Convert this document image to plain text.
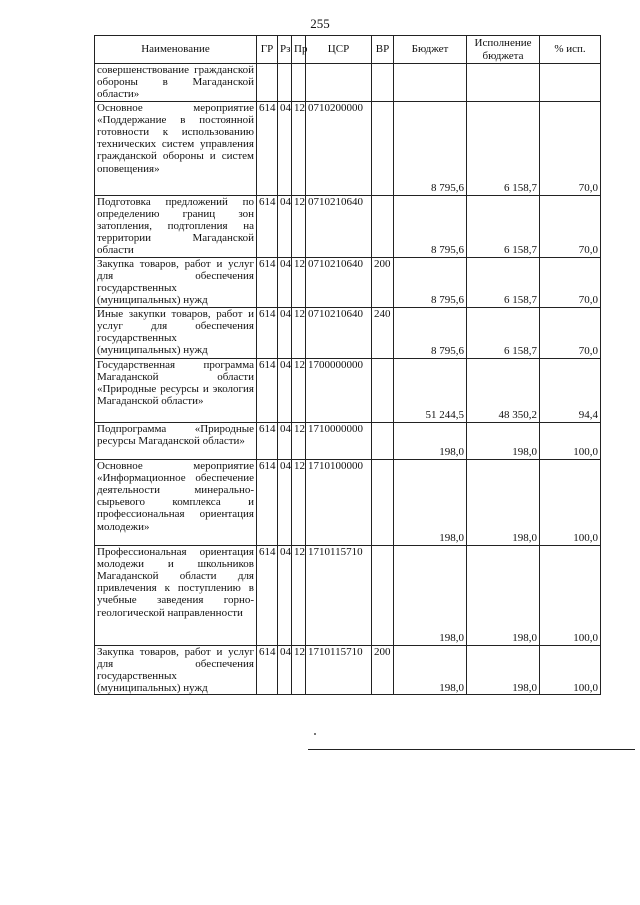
255
Наименование	ГР	Рз	Пр	ЦСР	ВР	Бюджет	Исполнение бюджета	% исп.
совершенствование гражданской обороны в Магаданской области»								
Основное мероприятие «Поддержание в постоянной готовности к использованию технических систем управления гражданской обороны и систем оповещения»	614	04	12	0710200000		8 795,6	6 158,7	70,0
Подготовка предложений по определению границ зон затопления, подтопления на территории Магаданской области	614	04	12	0710210640		8 795,6	6 158,7	70,0
Закупка товаров, работ и услуг для обеспечения государственных (муниципальных) нужд	614	04	12	0710210640	200	8 795,6	6 158,7	70,0
Иные закупки товаров, работ и услуг для обеспечения государственных (муниципальных) нужд	614	04	12	0710210640	240	8 795,6	6 158,7	70,0
Государственная программа Магаданской области «Природные ресурсы и экология Магаданской области»	614	04	12	1700000000		51 244,5	48 350,2	94,4
Подпрограмма «Природные ресурсы Магаданской области»	614	04	12	1710000000		198,0	198,0	100,0
Основное мероприятие «Информационное обеспечение деятельности минерально-сырьевого комплекса и профессиональная ориентация молодежи»	614	04	12	1710100000		198,0	198,0	100,0
Профессиональная ориентация молодежи и школьников Магаданской области для привлечения к поступлению в учебные заведения горно-геологической направленности	614	04	12	1710115710		198,0	198,0	100,0
Закупка товаров, работ и услуг для обеспечения государственных (муниципальных) нужд	614	04	12	1710115710	200	198,0	198,0	100,0
